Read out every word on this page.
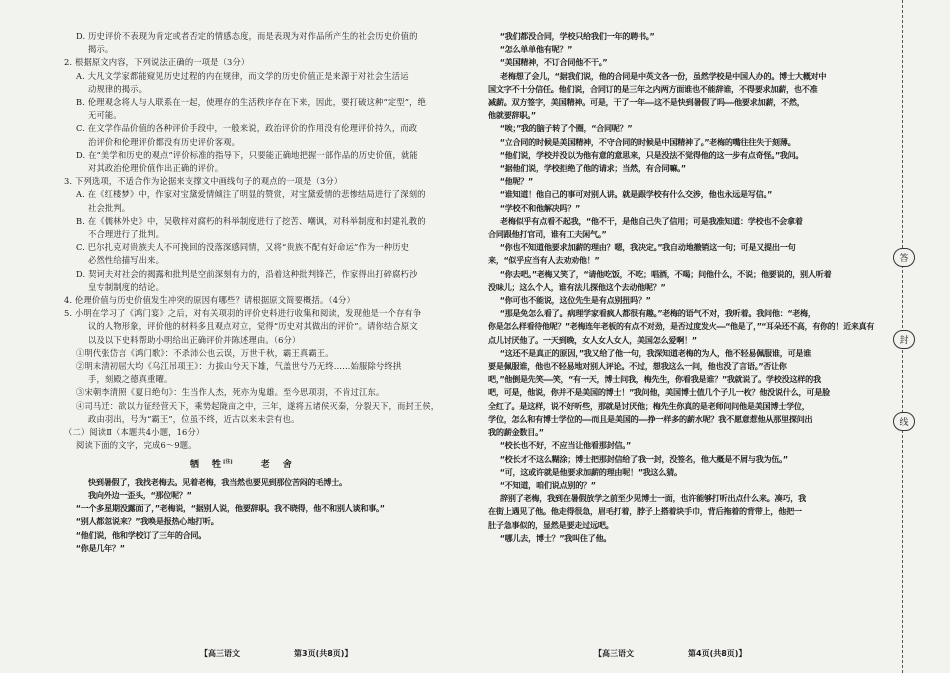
D. 历史评价不表现为肯定或者否定的情感态度，而是表现为对作品所产生的社会历史价值的
揭示。
2. 根据原文内容，下列说法正确的一项是（3分）
A. 大凡文学家都能窥见历史过程的内在规律，而文学的历史价值正是来源于对社会生活运
动规律的揭示。
B. 伦理观念将人与人联系在一起，使理存的生活秩序存在下来，因此，要打破这种“定型”，绝
无可能。
C. 在文学作品价值的各种评价手段中，一般来说，政治评价的作用没有伦理评价持久，而政
治评价和伦理评价都没有历史评价客观。
D. 在“美学和历史的观点”评价标准的指导下，只要能正确地把握一部作品的历史价值，就能
对其政治伦理价值作出正确的评价。
3. 下列选项，不适合作为论据来支撑文中画线句子的观点的一项是（3分）
A. 在《红楼梦》中，作家对宝黛爱情倾注了明显的赞赏，对宝黛爱情的悲惨结局进行了深刻的
社会批判。
B. 在《儒林外史》中，吴敬梓对腐朽的科举制度进行了挖苦、嘲讽，对科举制度和封建礼教的
不合理进行了批判。
C. 巴尔扎克对贵族夫人不可挽回的没落深感同情，又将“贵族不配有好命运”作为一种历史
必然性给描写出来。
D. 契诃夫对社会的揭露和批判是空前深刻有力的，沿着这种批判锋芒，作家得出打碎腐朽沙
皇专制制度的结论。
4. 伦理价值与历史价值发生冲突的原因有哪些？请根据原文简要概括。（4分）
5. 小明在学习了《鸿门宴》之后，对有关项羽的评价史料进行收集和阅读，发现他是一个存有争
议的人物形象，评价他的材料多且观点对立，觉得“历史对其做出的评价”。请你结合原文
以及以下史料帮助小明给出正确评价并陈述理由。（6分）
①明代张岱言《鸿门歌》：不杀沛公也云误，万世千秋，霸王真霸王。
②明末清初屈大均《乌江吊项王》：力拔山兮天下雄，气盖世兮乃无终……始服除兮终拱
手，刻殿之德真重曜。
③宋朝李清照《夏日绝句》：生当作人杰，死亦为鬼雄。至今思项羽，不肯过江东。
④司马迁：欲以力征经营天下，乘势起陇亩之中，三年，遂将五诸侯灭秦，分裂天下，而封王侯，
政由羽出，号为“霸王”，位虽不终，近古以来未尝有也。
（二）阅读Ⅱ（本题共4小题，16分）
阅读下面的文字，完成6～9题。
牺　牲[注]	老　舍
快到暑假了，我找老梅去。见着老梅，我当然也要见到那位苦闷的毛博士。
我向外边一歪头，“那位呢？”
“一个多星期没露面了，”老梅说，“据别人说，他要辞职。我不晓得，他不和别人谈和事。”
“别人都忽说来？”我唤是报热心地打听。
“他们说，他和学校订了三年的合同。
“你是几年？”
“我们都没合同，学校只给我们一年的聘书。”
“怎么单单他有呢？”
“美国精神，不订合同他不干。”
老梅想了会儿，“据我们说，他的合同是中英文各一份，虽然学校是中国人办的。博士大概对中
国文字不十分信任。他们说，合同订的是三年之内两方面谁也不能辞谁，不得要求加薪，也不准
减薪。双方签字，美国精神。可是，干了一年——这不是快到暑假了吗——他要求加薪，不然，
他就要辞职。”
“唉；”我的脑子转了个圈，“合同呢？”
“立合同的时候是美国精神，不守合同的时候是中国精神了。”老梅的嘴往往失于刻薄。
“他们说，学校并没以为他有意的意思来，只是没法不觉得他的这一步有点奇怪。”我问。
“据他们说，学校拒绝了他的请求；当然，有合同嘛。”
“他呢？”
“谁知道！他自己的事可对别人讲。就是跟学校有什么交涉，他也永远是写信。”
“学校不和他解决吗？”
老梅似乎有点看不起我，“他不干，是他自己失了信用；可是我准知道：学校也不会拿着
合同跟他打官司，谁有工夫闲气。”
“你也不知道他要求加薪的理由？嗯，我决定。”我自动地撤销这一句；可是又提出一句
来，“似乎应当有人去劝劝他！”
“你去吧。”老梅又笑了，“请他吃饭，不吃；唱酒，不喝；问他什么，不说；他要说的，别人听着
没味儿；这么个人，谁有法儿探他这个去动他呢？”
“你可也不能说，这位先生是有点别扭吗？”
“那是免怎么看了。病理学家看疯人都很有趣。”老梅的语气不对，我听着。我问他：“老梅，
你是怎么样看待他呢？”老梅连年老板的有点不对劲，是否过度发火——“他是了，”“耳朵还不高，有你的！近来真有
点儿讨厌他了。一天到晚，女人女人女人，美国怎么爱啊！”
“这还不是真正的原因，”我又给了他一句，我深知道老梅的为人，他不轻易佩服谁，可是谁
要是佩服谁，他也不轻易地对别人评论。不过，想我这么一问，他也没了言语。”否让你
吧，”他倒是先笑——笑，“有一天，博士问我，梅先生，你看我是谁？”我就说了。学校没这样的我
吧，可是，他说，你并不是美国的博士！”我问他，美国博士值几个子儿一枚？他没说什么，可是脸
全红了。是这样，说不好听些，那就是讨厌他；梅先生你真的是老师问问他是美国博士学位，
学位，怎么和有博士学位的——而且是美国的——挣一样多的薪水呢？我不愿意惹他从那里探问出
我的薪金数目。”
“校长也不好，不应当让他看那封信。”
“校长才不这么糊涂；博士把那封信给了我一封，没签名，他大概是不屑与我为伍。”
“可，这或许就是他要求加薪的理由呢！”我这么猜。
“不知道，咱们说点别的？”
辞别了老梅，我到在暑假放学之前至少见博士一面，也许能够打听出点什么来。凑巧，我
在街上遇见了他。他走得很急，眉毛打着，脖子上搭着块手巾，背后拖着的背带上，他把一
肚子急事似的，显然是要走过远吧。
“哪儿去，博士？”我叫住了他。
【高三语文	第3页(共8页)】	【高三语文	第4页(共8页)】
答
封
线
